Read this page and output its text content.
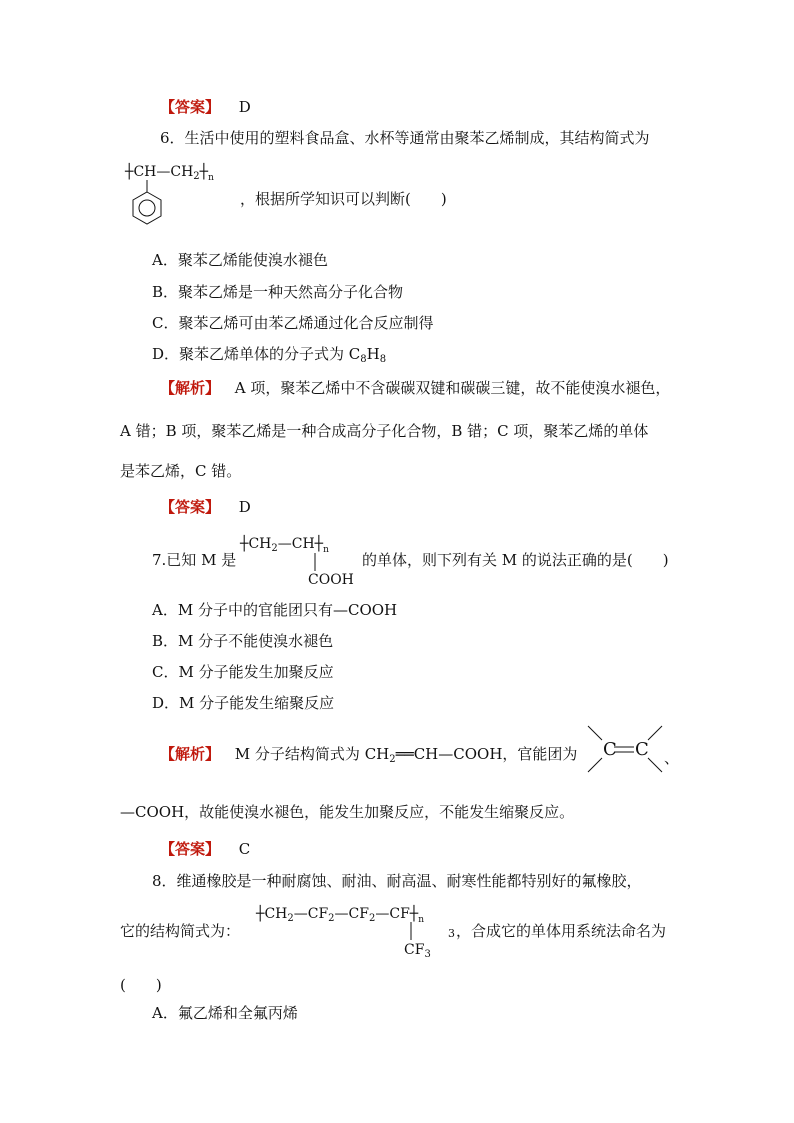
【答案】 D
6．生活中使用的塑料食品盒、水杯等通常由聚苯乙烯制成，其结构简式为
$┼CH—CH_2┼_n$
，根据所学知识可以判断(　　)
A．聚苯乙烯能使溴水褪色
B．聚苯乙烯是一种天然高分子化合物
C．聚苯乙烯可由苯乙烯通过化合反应制得
D．聚苯乙烯单体的分子式为 $C_8H_8$
【解析】 A 项，聚苯乙烯中不含碳碳双键和碳碳三键，故不能使溴水褪色，
A 错；B 项，聚苯乙烯是一种合成高分子化合物，B 错；C 项，聚苯乙烯的单体
是苯乙烯，C 错。
【答案】 D
7.已知 M 是
$┼CH_2—CH┼_n$
COOH
的单体，则下列有关 M 的说法正确的是(　　)
A．M 分子中的官能团只有—COOH
B．M 分子不能使溴水褪色
C．M 分子能发生加聚反应
D．M 分子能发生缩聚反应
【解析】 M 分子结构简式为 $CH_2══CH—COOH$，官能团为 C C 、
—COOH，故能使溴水褪色，能发生加聚反应，不能发生缩聚反应。
【答案】 C
8．维通橡胶是一种耐腐蚀、耐油、耐高温、耐寒性能都特别好的氟橡胶，
它的结构简式为：
$┼CH_2—CF_2—CF_2—CF┼_n$
$CF_3$
3 ，合成它的单体用系统法命名为
(　　)
A．氟乙烯和全氟丙烯
